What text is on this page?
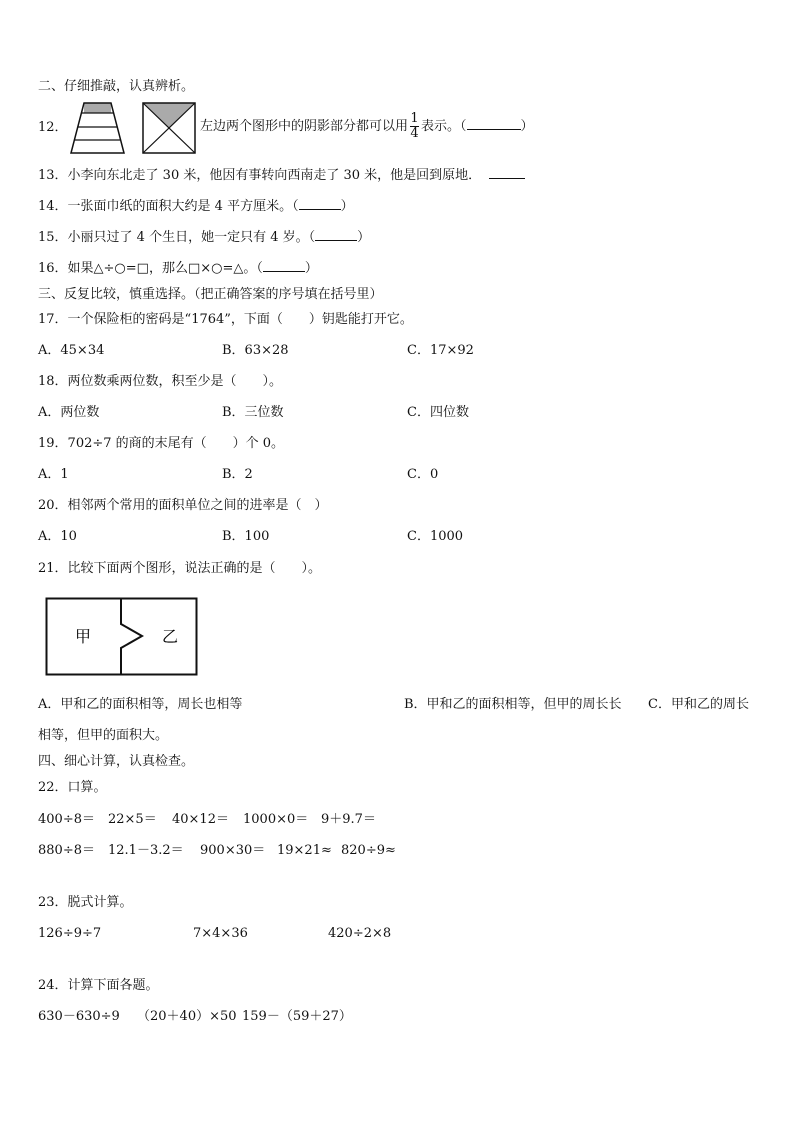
二、仔细推敲，认真辨析。
12．	左边两个图形中的阴影部分都可以用 $\frac{1}{4}$ 表示。（	）
13．小李向东北走了 30 米，他因有事转向西南走了 30 米，他是回到原地．
14．一张面巾纸的面积大约是 4 平方厘米。（	）
15．小丽只过了 4 个生日，她一定只有 4 岁。（	）
16．如果△÷○=□，那么□×○=△。（	）
三、反复比较，慎重选择。（把正确答案的序号填在括号里）
17．一个保险柜的密码是“1764”，下面（　　）钥匙能打开它。
A．45×34	B．63×28	C．17×92
18．两位数乘两位数，积至少是（　　）。
A．两位数	B．三位数	C．四位数
19．702÷7 的商的末尾有（　　）个 0。
A．1	B．2	C．0
20．相邻两个常用的面积单位之间的进率是（　）
A．10	B．100	C．1000
21．比较下面两个图形，说法正确的是（　　）。
甲	乙
A．甲和乙的面积相等，周长也相等	B．甲和乙的面积相等，但甲的周长长 C．甲和乙的周长
相等，但甲的面积大。
四、细心计算，认真检查。
22．口算。
400÷8＝ 22×5＝ 40×12＝ 1000×0＝ 9＋9.7＝
880÷8＝ 12.1－3.2＝ 900×30＝ 19×21≈ 820÷9≈
23．脱式计算。
126÷9÷7	7×4×36	420÷2×8
24．计算下面各题。
630－630÷9 （20＋40）×50 159－（59＋27）
